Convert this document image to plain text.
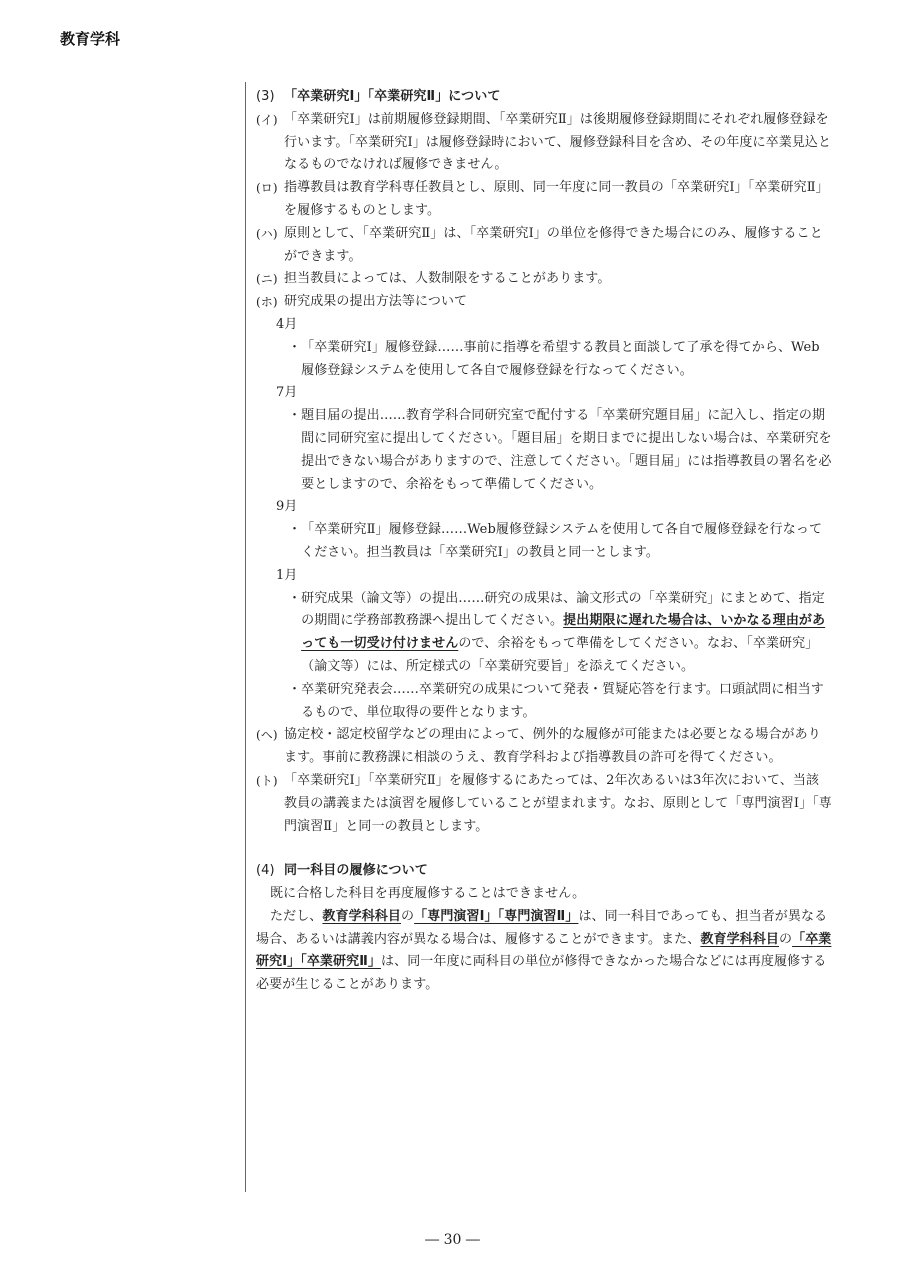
教育学科

(3) 「卒業研究Ⅰ」「卒業研究Ⅱ」について

(イ) 「卒業研究Ⅰ」は前期履修登録期間、「卒業研究Ⅱ」は後期履修登録期間にそれぞれ履修登録を行います。「卒業研究Ⅰ」は履修登録時において、履修登録科目を含め、その年度に卒業見込となるものでなければ履修できません。
(ロ) 指導教員は教育学科専任教員とし、原則、同一年度に同一教員の「卒業研究Ⅰ」「卒業研究Ⅱ」を履修するものとします。
(ハ) 原則として、「卒業研究Ⅱ」は、「卒業研究Ⅰ」の単位を修得できた場合にのみ、履修することができます。
(ニ) 担当教員によっては、人数制限をすることがあります。
(ホ) 研究成果の提出方法等について

4月

・ 「卒業研究Ⅰ」履修登録……事前に指導を希望する教員と面談して了承を得てから、Web履修登録システムを使用して各自で履修登録を行なってください。

7月

・ 題目届の提出……教育学科合同研究室で配付する「卒業研究題目届」に記入し、指定の期間に同研究室に提出してください。「題目届」を期日までに提出しない場合は、卒業研究を提出できない場合がありますので、注意してください。「題目届」には指導教員の署名を必要としますので、余裕をもって準備してください。

9月

・ 「卒業研究Ⅱ」履修登録……Web履修登録システムを使用して各自で履修登録を行なってください。担当教員は「卒業研究Ⅰ」の教員と同一とします。

1月

・ 研究成果（論文等）の提出……研究の成果は、論文形式の「卒業研究」にまとめて、指定の期間に学務部教務課へ提出してください。提出期限に遅れた場合は、いかなる理由があっても一切受け付けませんので、余裕をもって準備をしてください。なお、「卒業研究」（論文等）には、所定様式の「卒業研究要旨」を添えてください。
・ 卒業研究発表会……卒業研究の成果について発表・質疑応答を行ます。口頭試問に相当するもので、単位取得の要件となります。
(ヘ) 協定校・認定校留学などの理由によって、例外的な履修が可能または必要となる場合があります。事前に教務課に相談のうえ、教育学科および指導教員の許可を得てください。
(ト) 「卒業研究Ⅰ」「卒業研究Ⅱ」を履修するにあたっては、2年次あるいは3年次において、当該教員の講義または演習を履修していることが望まれます。なお、原則として「専門演習Ⅰ」「専門演習Ⅱ」と同一の教員とします。

(4) 同一科目の履修について

既に合格した科目を再度履修することはできません。

ただし、教育学科科目の「専門演習Ⅰ」「専門演習Ⅱ」は、同一科目であっても、担当者が異なる場合、あるいは講義内容が異なる場合は、履修することができます。また、教育学科科目の「卒業研究Ⅰ」「卒業研究Ⅱ」は、同一年度に両科目の単位が修得できなかった場合などには再度履修する必要が生じることがあります。

― 30 ―
